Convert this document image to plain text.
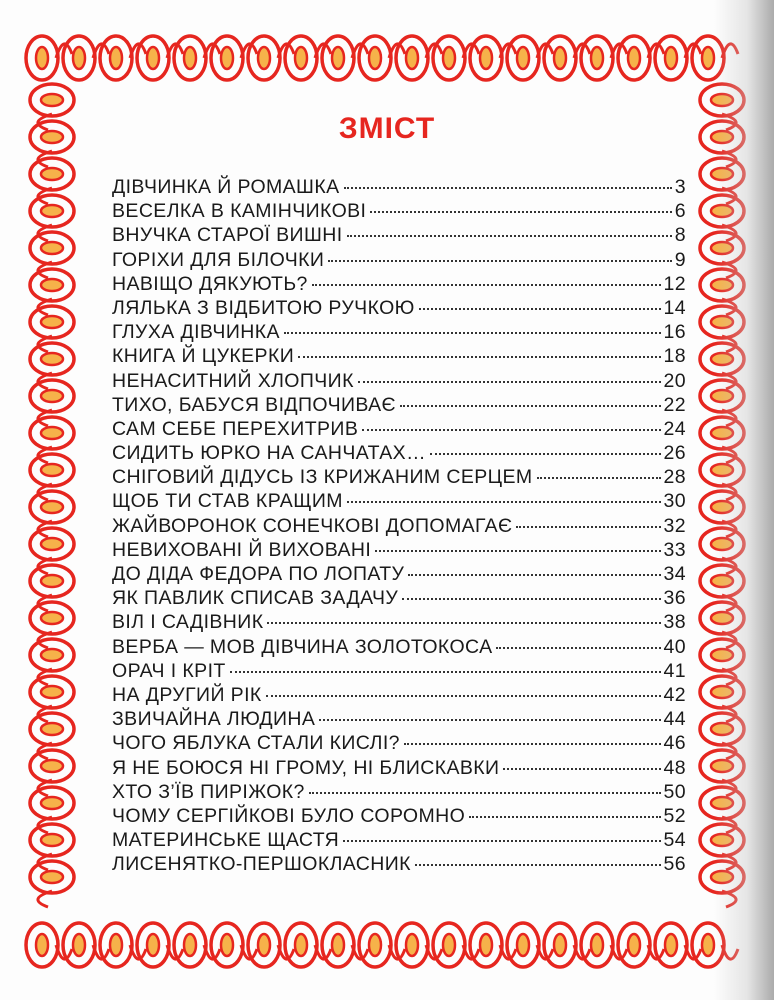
ЗМІСТ
ДІВЧИНКА Й РОМАШКА	3
ВЕСЕЛКА В КАМІНЧИКОВІ	6
ВНУЧКА СТАРОЇ ВИШНІ	8
ГОРІХИ ДЛЯ БІЛОЧКИ	9
НАВІЩО ДЯКУЮТЬ?	12
ЛЯЛЬКА З ВІДБИТОЮ РУЧКОЮ	14
ГЛУХА ДІВЧИНКА	16
КНИГА Й ЦУКЕРКИ	18
НЕНАСИТНИЙ ХЛОПЧИК	20
ТИХО, БАБУСЯ ВІДПОЧИВАЄ	22
САМ СЕБЕ ПЕРЕХИТРИВ	24
СИДИТЬ ЮРКО НА САНЧАТАХ…	26
СНІГОВИЙ ДІДУСЬ ІЗ КРИЖАНИМ СЕРЦЕМ	28
ЩОБ ТИ СТАВ КРАЩИМ	30
ЖАЙВОРОНОК СОНЕЧКОВІ ДОПОМАГАЄ	32
НЕВИХОВАНІ Й ВИХОВАНІ	33
ДО ДІДА ФЕДОРА ПО ЛОПАТУ	34
ЯК ПАВЛИК СПИСАВ ЗАДАЧУ	36
ВІЛ І САДІВНИК	38
ВЕРБА — МОВ ДІВЧИНА ЗОЛОТОКОСА	40
ОРАЧ І КРІТ	41
НА ДРУГИЙ РІК	42
ЗВИЧАЙНА ЛЮДИНА	44
ЧОГО ЯБЛУКА СТАЛИ КИСЛІ?	46
Я НЕ БОЮСЯ НІ ГРОМУ, НІ БЛИСКАВКИ	48
ХТО З’ЇВ ПИРІЖОК?	50
ЧОМУ СЕРГІЙКОВІ БУЛО СОРОМНО	52
МАТЕРИНСЬКЕ ЩАСТЯ	54
ЛИСЕНЯТКО-ПЕРШОКЛАСНИК	56
